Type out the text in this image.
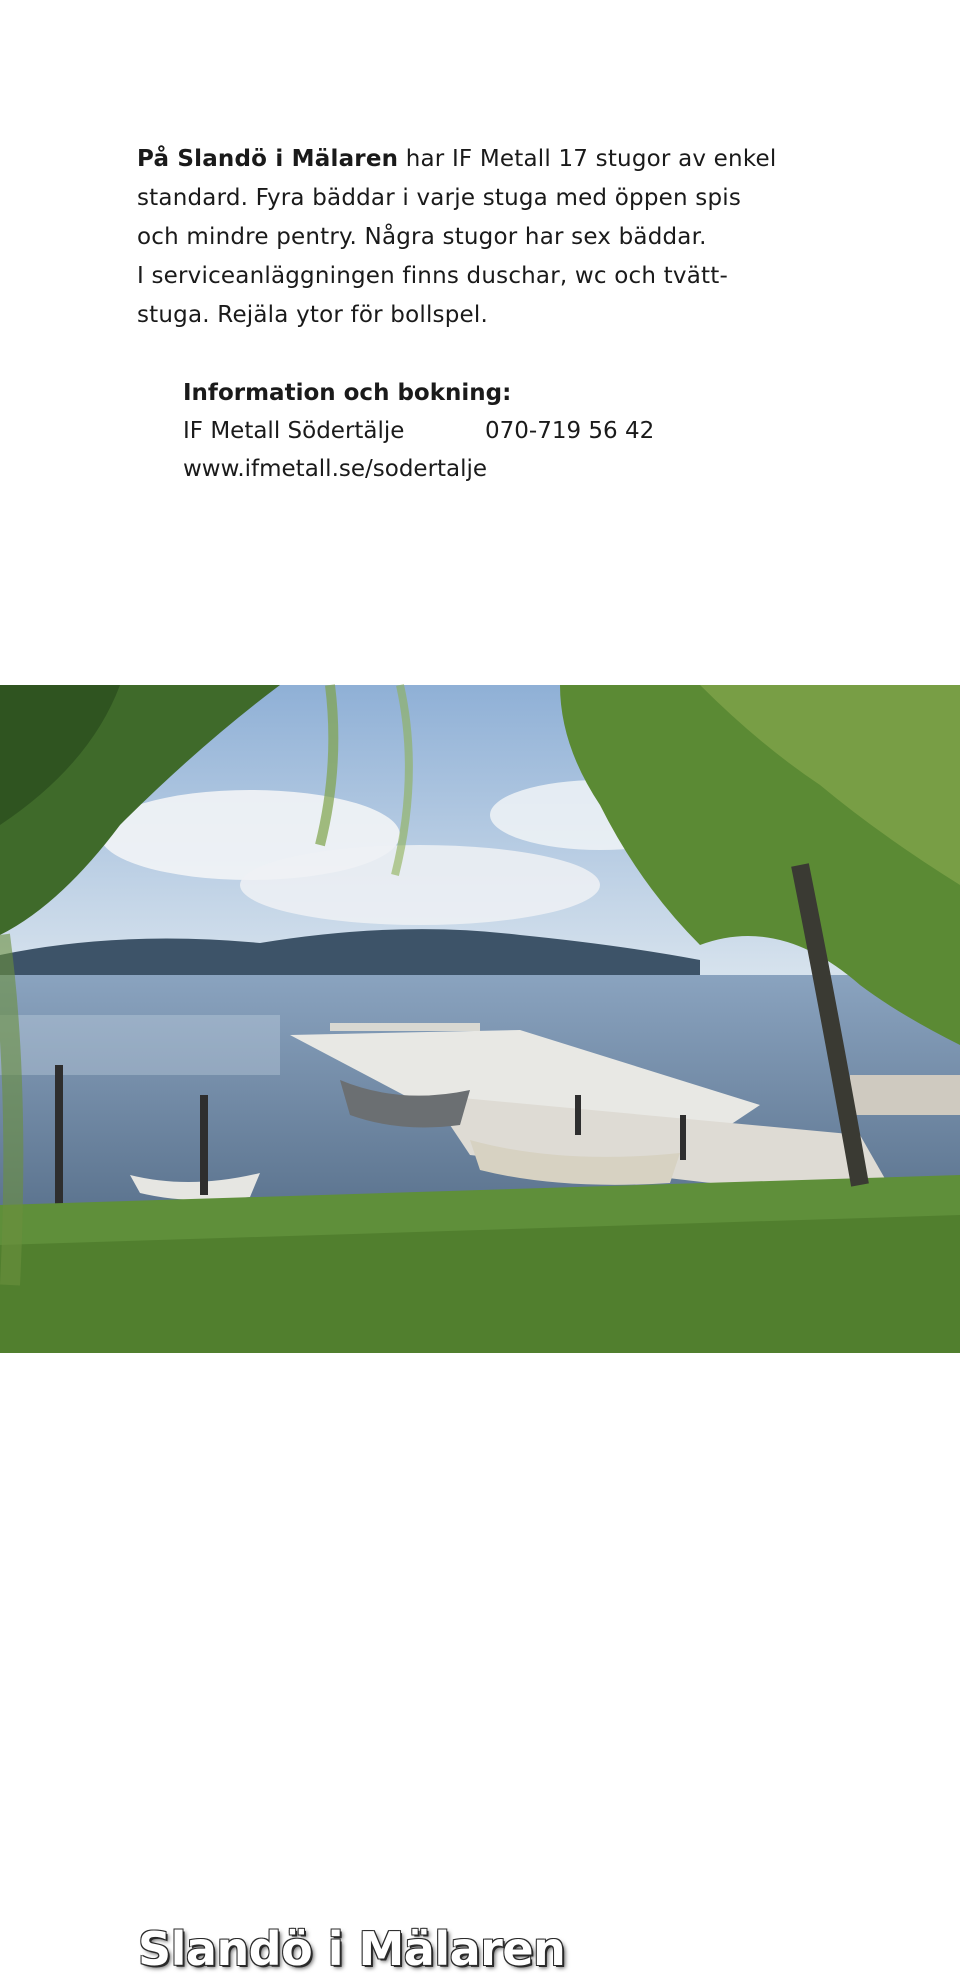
På Slandö i Mälaren har IF Metall 17 stugor av enkel
standard. Fyra bäddar i varje stuga med öppen spis
och mindre pentry. Några stugor har sex bäddar.
I serviceanläggningen finns duschar, wc och tvätt-
stuga. Rejäla ytor för bollspel.
Information och bokning:
IF Metall Södertälje	070-719 56 42
www.ifmetall.se/sodertalje
Slandö i Mälaren
